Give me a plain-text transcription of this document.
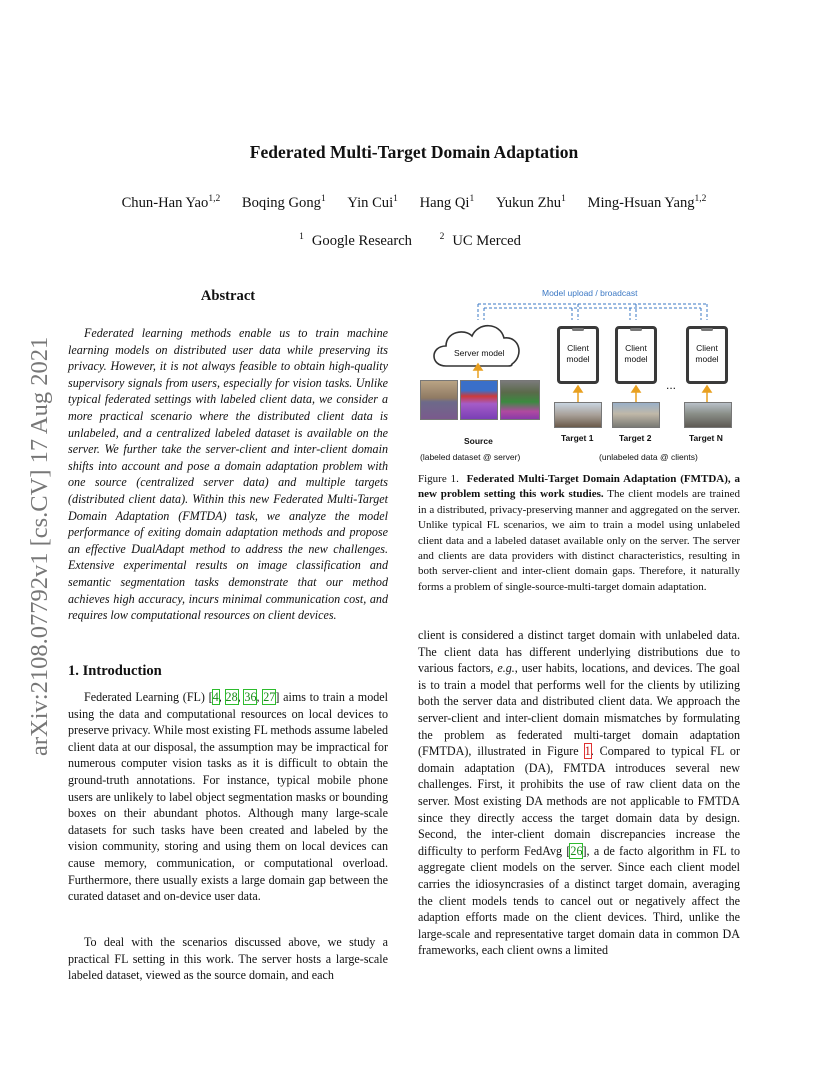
arXiv:2108.07792v1 [cs.CV] 17 Aug 2021
Federated Multi-Target Domain Adaptation
Chun-Han Yao$^{1,2}$ Boqing Gong$^1$ Yin Cui$^1$ Hang Qi$^1$ Yukun Zhu$^1$ Ming-Hsuan Yang$^{1,2}$
$^1$ Google Research	$^2$ UC Merced
Abstract
Federated learning methods enable us to train machine learning models on distributed user data while preserving its privacy. However, it is not always feasible to obtain high-quality supervisory signals from users, especially for vision tasks. Unlike typical federated settings with labeled client data, we consider a more practical scenario where the distributed client data is unlabeled, and a centralized labeled dataset is available on the server. We further take the server-client and inter-client domain shifts into account and pose a domain adaptation problem with one source (centralized server data) and multiple targets (distributed client data). Within this new Federated Multi-Target Domain Adaptation (FMTDA) task, we analyze the model performance of exiting domain adaptation methods and propose an effective DualAdapt method to address the new challenges. Extensive experimental results on image classification and semantic segmentation tasks demonstrate that our method achieves high accuracy, incurs minimal communication cost, and requires low computational resources on client devices.
1. Introduction
Federated Learning (FL) [4, 28, 36, 27] aims to train a model using the data and computational resources on local devices to preserve privacy. While most existing FL methods assume labeled client data at our disposal, the assumption may be impractical for numerous computer vision tasks as it is difficult to obtain the ground-truth annotations. For instance, typical mobile phone users are unlikely to label object segmentation masks or bounding boxes on their abundant photos. Although many large-scale datasets for such tasks have been created and labeled by the vision community, storing and using them on local devices can cause memory, communication, or computational overload. Furthermore, there usually exists a large domain gap between the curated dataset and on-device user data.
To deal with the scenarios discussed above, we study a practical FL setting in this work. The server hosts a large-scale labeled dataset, viewed as the source domain, and each
Model upload / broadcast
Server model	Client model
Client model
Client model
...
Source	Target 1	Target 2	Target N
(labeled dataset @ server)	(unlabeled data @ clients)
Figure 1. Federated Multi-Target Domain Adaptation (FMTDA), a new problem setting this work studies. The client models are trained in a distributed, privacy-preserving manner and aggregated on the server. Unlike typical FL scenarios, we aim to train a model using unlabeled client data and a labeled dataset available only on the server. The server and clients are data providers with distinct characteristics, resulting in both server-client and inter-client domain gaps. Therefore, it naturally forms a problem of single-source-multi-target domain adaptation.
client is considered a distinct target domain with unlabeled data. The client data has different underlying distributions due to various factors, e.g., user habits, locations, and devices. The goal is to train a model that performs well for the clients by utilizing both the server data and distributed client data. We approach the server-client and inter-client domain mismatches by formulating the problem as federated multi-target domain adaptation (FMTDA), illustrated in Figure 1. Compared to typical FL or domain adaptation (DA), FMTDA introduces several new challenges. First, it prohibits the use of raw client data on the server. Most existing DA methods are not applicable to FMTDA since they directly access the target domain data by design. Second, the inter-client domain discrepancies increase the difficulty to perform FedAvg [26], a de facto algorithm in FL to aggregate client models on the server. Since each client model carries the idiosyncrasies of a distinct target domain, averaging the client models tends to cancel out or negatively affect the adaption efforts made on the client devices. Third, unlike the large-scale and representative target domain data in common DA frameworks, each client owns a limited
